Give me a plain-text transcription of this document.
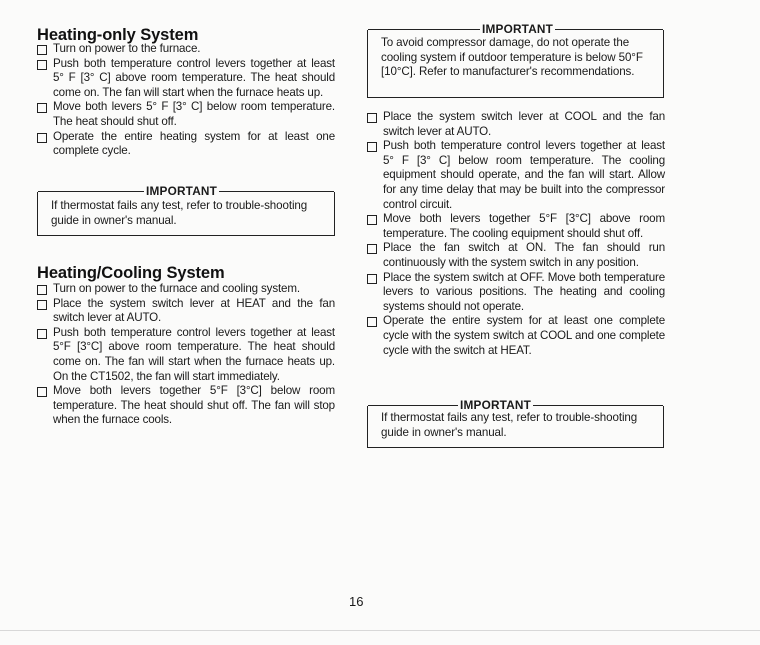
Heating-only System
Turn on power to the furnace.
Push both temperature control levers together at least 5° F [3° C] above room temperature. The heat should come on. The fan will start when the furnace heats up.
Move both levers 5° F [3° C] below room temperature. The heat should shut off.
Operate the entire heating system for at least one complete cycle.
IMPORTANT
If thermostat fails any test, refer to trouble-shooting guide in owner's manual.
Heating/Cooling System
Turn on power to the furnace and cooling system.
Place the system switch lever at HEAT and the fan switch lever at AUTO.
Push both temperature control levers together at least 5°F [3°C] above room temperature. The heat should come on. The fan will start when the furnace heats up. On the CT1502, the fan will start immediately.
Move both levers together 5°F [3°C] below room temperature. The heat should shut off. The fan will stop when the furnace cools.
IMPORTANT
To avoid compressor damage, do not operate the cooling system if outdoor temperature is below 50°F [10°C]. Refer to manufacturer's recommendations.
Place the system switch lever at COOL and the fan switch lever at AUTO.
Push both temperature control levers together at least 5° F [3° C] below room temperature. The cooling equipment should operate, and the fan will start. Allow for any time delay that may be built into the compressor control circuit.
Move both levers together 5°F [3°C] above room temperature. The cooling equipment should shut off.
Place the fan switch at ON. The fan should run continuously with the system switch in any position.
Place the system switch at OFF. Move both temperature levers to various positions. The heating and cooling systems should not operate.
Operate the entire system for at least one complete cycle with the system switch at COOL and one complete cycle with the switch at HEAT.
IMPORTANT
If thermostat fails any test, refer to trouble-shooting guide in owner's manual.
16
